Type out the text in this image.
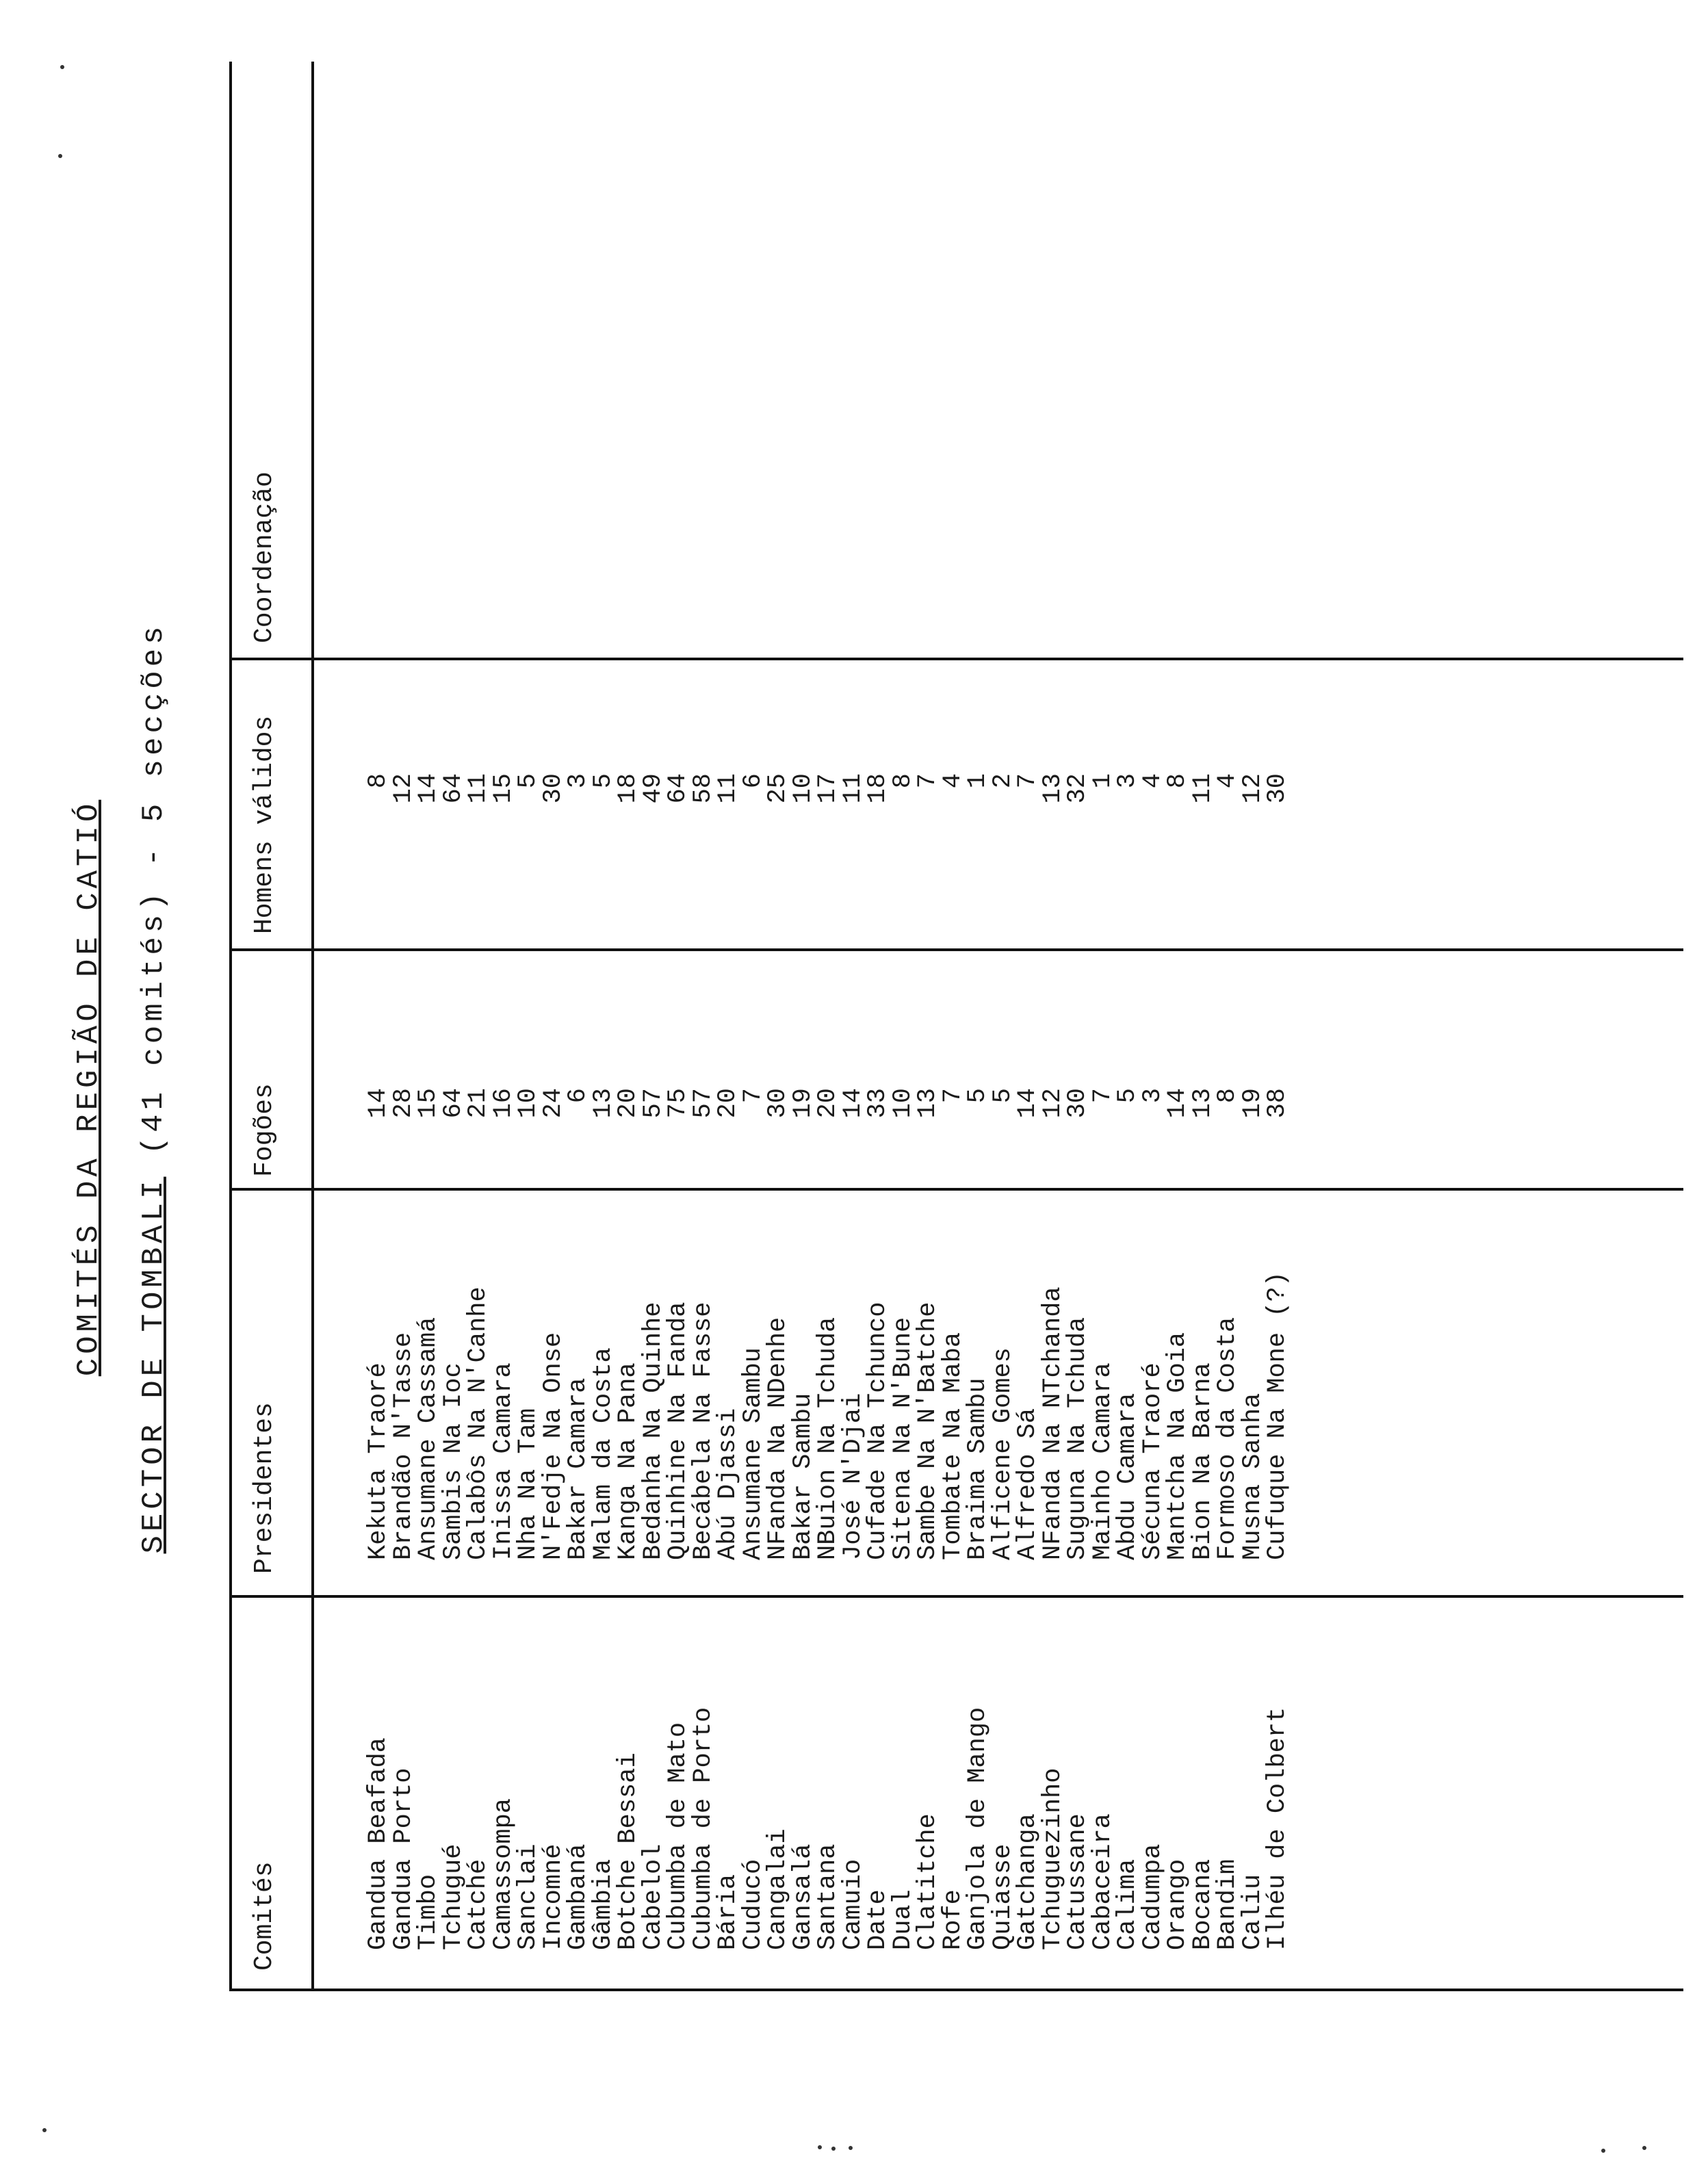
COMITÉS DA REGIÃO DE CATIÓ SECTOR DE TOMBALI (41 comités) - 5 secções
Comités
Presidentes
Fogões
Homens válidos
Coordenação
Gandua Beafada
Gandua Porto
Timbo
Tchugué
Catché
Camassompa
Sanclai
Incomné
Gambaná
Gâmbia
Botche Bessai
Cabelol
Cubumba de Mato
Cubumba de Porto
Bária
Cuducó
Cangalai
Gansalá
Santana
Camuio
Date
Dual
Clatitche
Rofe
Ganjola de Mango
Quiasse
Gatchanga
Tchuguezinho
Catussane
Cabaceira
Calima
Cadumpa
Orango
Bocana
Bandim
Caliu
Ilhéu de Colbert
Kekuta Traoré
Brandão N'Tasse
Ansumane Cassamá
Sambis Na Ioc
Calabôs Na N'Canhe
Inissa Camara
Nha Na Tam
N'Fedje Na Onse
Bakar Camara
Malam da Costa
Kanga Na Pana
Bedanha Na Quinhe
Quinhine Na Fanda
Becábela Na Fasse
Abú Djassi
Ansumane Sambu
NFanda Na NDenhe
Bakar Sambu
NBuion Na Tchuda
José N'Djai
Cufade Na Tchunco
Sitena Na N'Bune
Sambe Na N'Batche
Tombate Na Maba
Braima Sambu
Alficene Gomes
Alfredo Sá
NFanda Na NTchanda
Suguna Na Tchuda
Mainho Camara
Abdu Camara
Sécuna Traoré
Mantcha Na Goia
Bion Na Barna
Formoso da Costa
Musna Sanha
Cufuque Na Mone (?)
14
28
15
64
21
16
10
24
6
13
20
57
75
57
20
7
30
19
20
14
33
10
13
7
5
5
14
12
30
7
5
3
14
13
8
19
38
8
12
14
64
11
15
5
30
3
5
18
49
64
58
11
6
25
10
17
11
18
8
7
4
1
2
7
13
32
1
3
4
8
11
4
12
30
